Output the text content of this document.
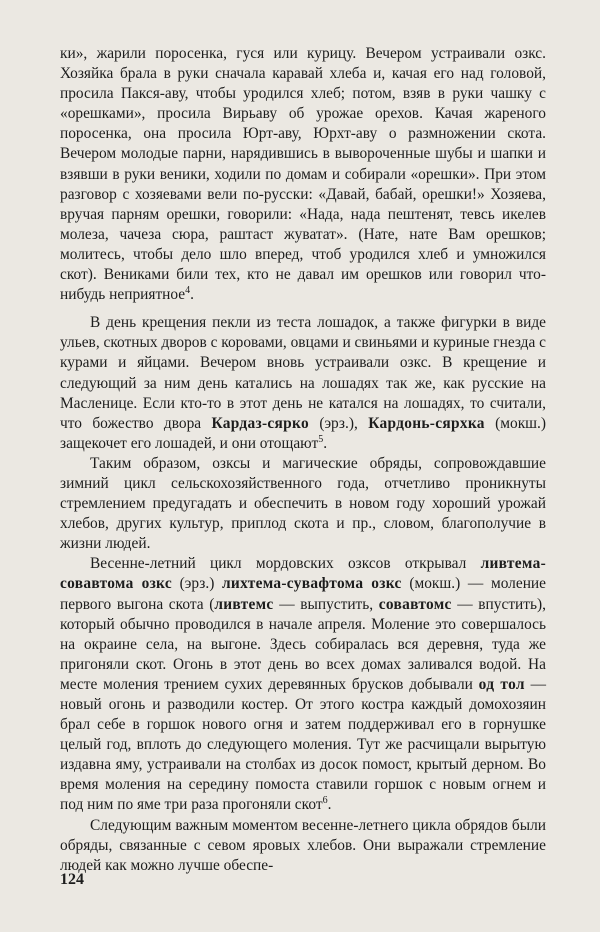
ки», жарили поросенка, гуся или курицу. Вечером устраивали озкс. Хозяйка брала в руки сначала каравай хлеба и, качая его над головой, просила Пакся-аву, чтобы уродился хлеб; потом, взяв в руки чашку с «орешками», просила Вирьаву об урожае орехов. Качая жареного поросенка, она просила Юрт-аву, Юрхт-аву о размножении скота. Вечером молодые парни, нарядившись в вывороченные шубы и шапки и взявши в руки веники, ходили по домам и собирали «орешки». При этом разговор с хозяевами вели по-русски: «Давай, бабай, орешки!» Хозяева, вручая парням орешки, говорили: «Нада, нада пештенят, тевсь икелев молеза, чачеза сюра, раштаст жуватат». (Нате, нате Вам орешков; молитесь, чтобы дело шло вперед, чтоб уродился хлеб и умножился скот). Вениками били тех, кто не давал им орешков или говорил что-нибудь неприятное$^4$.

В день крещения пекли из теста лошадок, а также фигурки в виде ульев, скотных дворов с коровами, овцами и свиньями и куриные гнезда с курами и яйцами. Вечером вновь устраивали озкс. В крещение и следующий за ним день катались на лошадях так же, как русские на Масленице. Если кто-то в этот день не катался на лошадях, то считали, что божество двора Кардаз-сярко (эрз.), Кардонь-сярхка (мокш.) защекочет его лошадей, и они отощают$^5$.

Таким образом, озксы и магические обряды, сопровождавшие зимний цикл сельскохозяйственного года, отчетливо проникнуты стремлением предугадать и обеспечить в новом году хороший урожай хлебов, других культур, приплод скота и пр., словом, благополучие в жизни людей.

Весенне-летний цикл мордовских озксов открывал ливтема-совавтома озкс (эрз.) лихтема-сувафтома озкс (мокш.) — моление первого выгона скота (ливтемс — выпустить, совавтомс — впустить), который обычно проводился в начале апреля. Моление это совершалось на окраине села, на выгоне. Здесь собиралась вся деревня, туда же пригоняли скот. Огонь в этот день во всех домах заливался водой. На месте моления трением сухих деревянных брусков добывали од тол — новый огонь и разводили костер. От этого костра каждый домохозяин брал себе в горшок нового огня и затем поддерживал его в горнушке целый год, вплоть до следующего моления. Тут же расчищали вырытую издавна яму, устраивали на столбах из досок помост, крытый дерном. Во время моления на середину помоста ставили горшок с новым огнем и под ним по яме три раза прогоняли скот$^6$.

Следующим важным моментом весенне-летнего цикла обрядов были обряды, связанные с севом яровых хлебов. Они выражали стремление людей как можно лучше обеспе-

124
